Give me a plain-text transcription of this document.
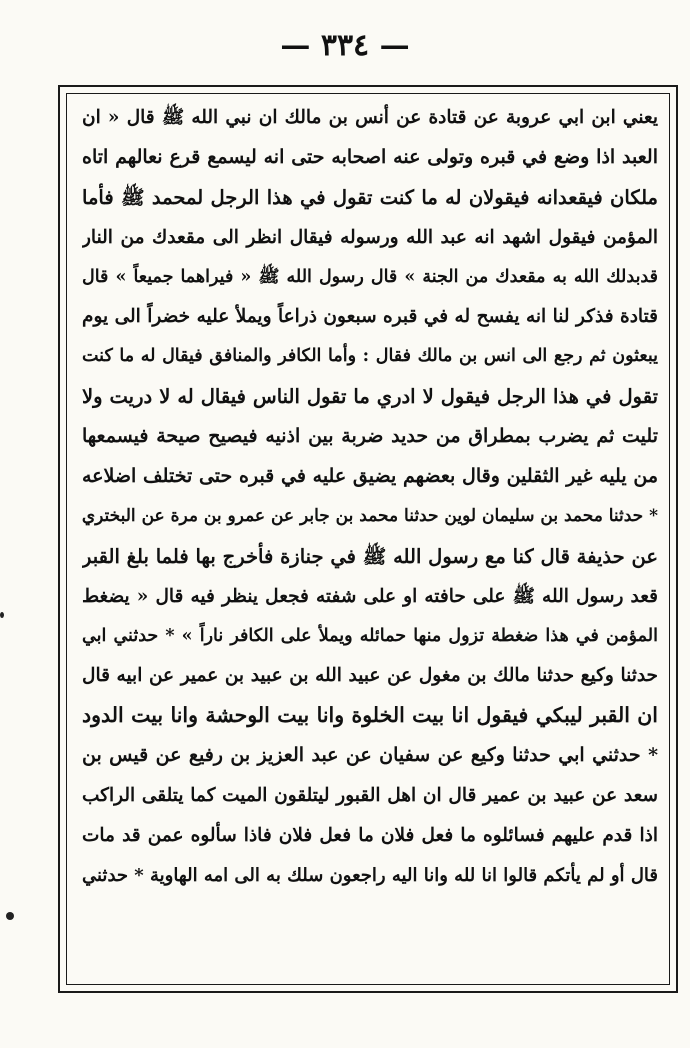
— ٣٣٤ —
يعني ابن ابي عروبة عن قتادة عن أنس بن مالك ان نبي الله ﷺ قال « ان
العبد اذا وضع في قبره وتولى عنه اصحابه حتى انه ليسمع قرع نعالهم اتاه
ملكان فيقعدانه فيقولان له ما كنت تقول في هذا الرجل لمحمد ﷺ فأما
المؤمن فيقول اشهد انه عبد الله ورسوله فيقال انظر الى مقعدك من النار
قدبدلك الله به مقعدك من الجنة » قال رسول الله ﷺ « فيراهما جميعاً » قال
قتادة فذكر لنا انه يفسح له في قبره سبعون ذراعاً ويملأ عليه خضراً الى يوم
يبعثون ثم رجع الى انس بن مالك فقال : وأما الكافر والمنافق فيقال له ما كنت
تقول في هذا الرجل فيقول لا ادري ما تقول الناس فيقال له لا دريت ولا
تليت ثم يضرب بمطراق من حديد ضربة بين اذنيه فيصيح صيحة فيسمعها
من يليه غير الثقلين وقال بعضهم يضيق عليه في قبره حتى تختلف اضلاعه
* حدثنا محمد بن سليمان لوين حدثنا محمد بن جابر عن عمرو بن مرة عن البختري
عن حذيفة قال كنا مع رسول الله ﷺ في جنازة فأخرج بها فلما بلغ القبر
قعد رسول الله ﷺ على حافته او على شفته فجعل ينظر فيه قال « يضغط
المؤمن في هذا ضغطة تزول منها حمائله ويملأ على الكافر ناراً » * حدثني ابي
حدثنا وكيع حدثنا مالك بن مغول عن عبيد الله بن عبيد بن عمير عن ابيه قال
ان القبر ليبكي فيقول انا بيت الخلوة وانا بيت الوحشة وانا بيت الدود
* حدثني ابي حدثنا وكيع عن سفيان عن عبد العزيز بن رفيع عن قيس بن
سعد عن عبيد بن عمير قال ان اهل القبور ليتلقون الميت كما يتلقى الراكب
اذا قدم عليهم فسائلوه ما فعل فلان ما فعل فلان فاذا سألوه عمن قد مات
قال أو لم يأتكم قالوا انا لله وانا اليه راجعون سلك به الى امه الهاوية * حدثني
